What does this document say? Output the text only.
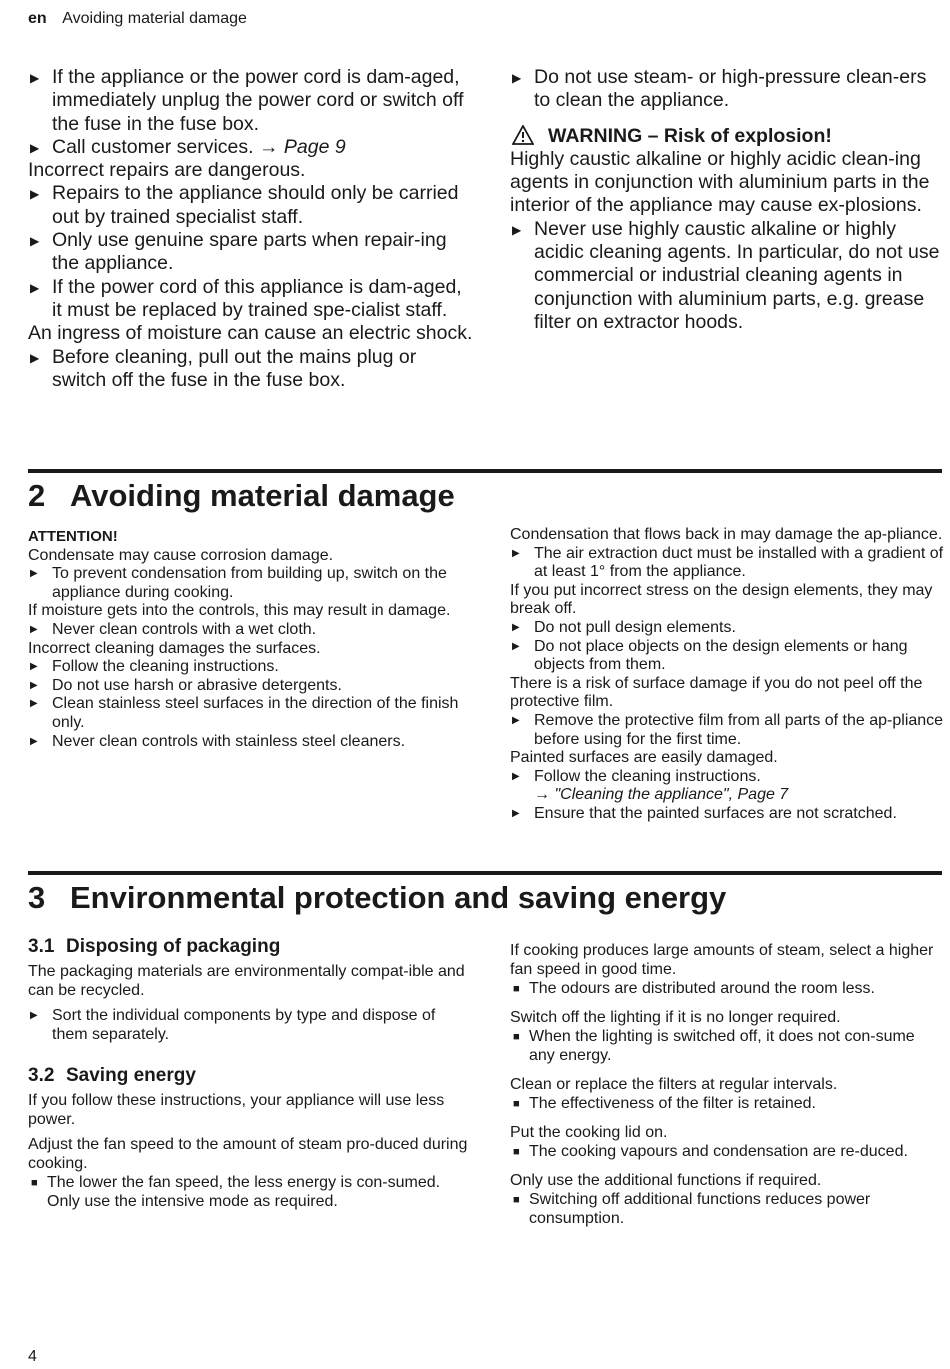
en Avoiding material damage
▶ If the appliance or the power cord is dam-aged, immediately unplug the power cord or switch off the fuse in the fuse box.
▶ Call customer services. → Page 9
Incorrect repairs are dangerous.
▶ Repairs to the appliance should only be carried out by trained specialist staff.
▶ Only use genuine spare parts when repair-ing the appliance.
▶ If the power cord of this appliance is dam-aged, it must be replaced by trained spe-cialist staff.
An ingress of moisture can cause an electric shock.
▶ Before cleaning, pull out the mains plug or switch off the fuse in the fuse box.
▶ Do not use steam- or high-pressure clean-ers to clean the appliance.
WARNING – Risk of explosion!
Highly caustic alkaline or highly acidic clean-ing agents in conjunction with aluminium parts in the interior of the appliance may cause ex-plosions.
▶ Never use highly caustic alkaline or highly acidic cleaning agents. In particular, do not use commercial or industrial cleaning agents in conjunction with aluminium parts, e.g. grease filter on extractor hoods.
2 Avoiding material damage
ATTENTION!
Condensate may cause corrosion damage.
▶ To prevent condensation from building up, switch on the appliance during cooking.
If moisture gets into the controls, this may result in damage.
▶ Never clean controls with a wet cloth.
Incorrect cleaning damages the surfaces.
▶ Follow the cleaning instructions.
▶ Do not use harsh or abrasive detergents.
▶ Clean stainless steel surfaces in the direction of the finish only.
▶ Never clean controls with stainless steel cleaners.
Condensation that flows back in may damage the ap-pliance.
▶ The air extraction duct must be installed with a gradient of at least 1° from the appliance.
If you put incorrect stress on the design elements, they may break off.
▶ Do not pull design elements.
▶ Do not place objects on the design elements or hang objects from them.
There is a risk of surface damage if you do not peel off the protective film.
▶ Remove the protective film from all parts of the ap-pliance before using for the first time.
Painted surfaces are easily damaged.
▶ Follow the cleaning instructions.
→ "Cleaning the appliance", Page 7
▶ Ensure that the painted surfaces are not scratched.
3 Environmental protection and saving energy
3.1 Disposing of packaging
The packaging materials are environmentally compat-ible and can be recycled.
▶ Sort the individual components by type and dispose of them separately.
3.2 Saving energy
If you follow these instructions, your appliance will use less power.
Adjust the fan speed to the amount of steam pro-duced during cooking.
■ The lower the fan speed, the less energy is con-sumed.
Only use the intensive mode as required.
If cooking produces large amounts of steam, select a higher fan speed in good time.
■ The odours are distributed around the room less.
Switch off the lighting if it is no longer required.
■ When the lighting is switched off, it does not con-sume any energy.
Clean or replace the filters at regular intervals.
■ The effectiveness of the filter is retained.
Put the cooking lid on.
■ The cooking vapours and condensation are re-duced.
Only use the additional functions if required.
■ Switching off additional functions reduces power consumption.
4
